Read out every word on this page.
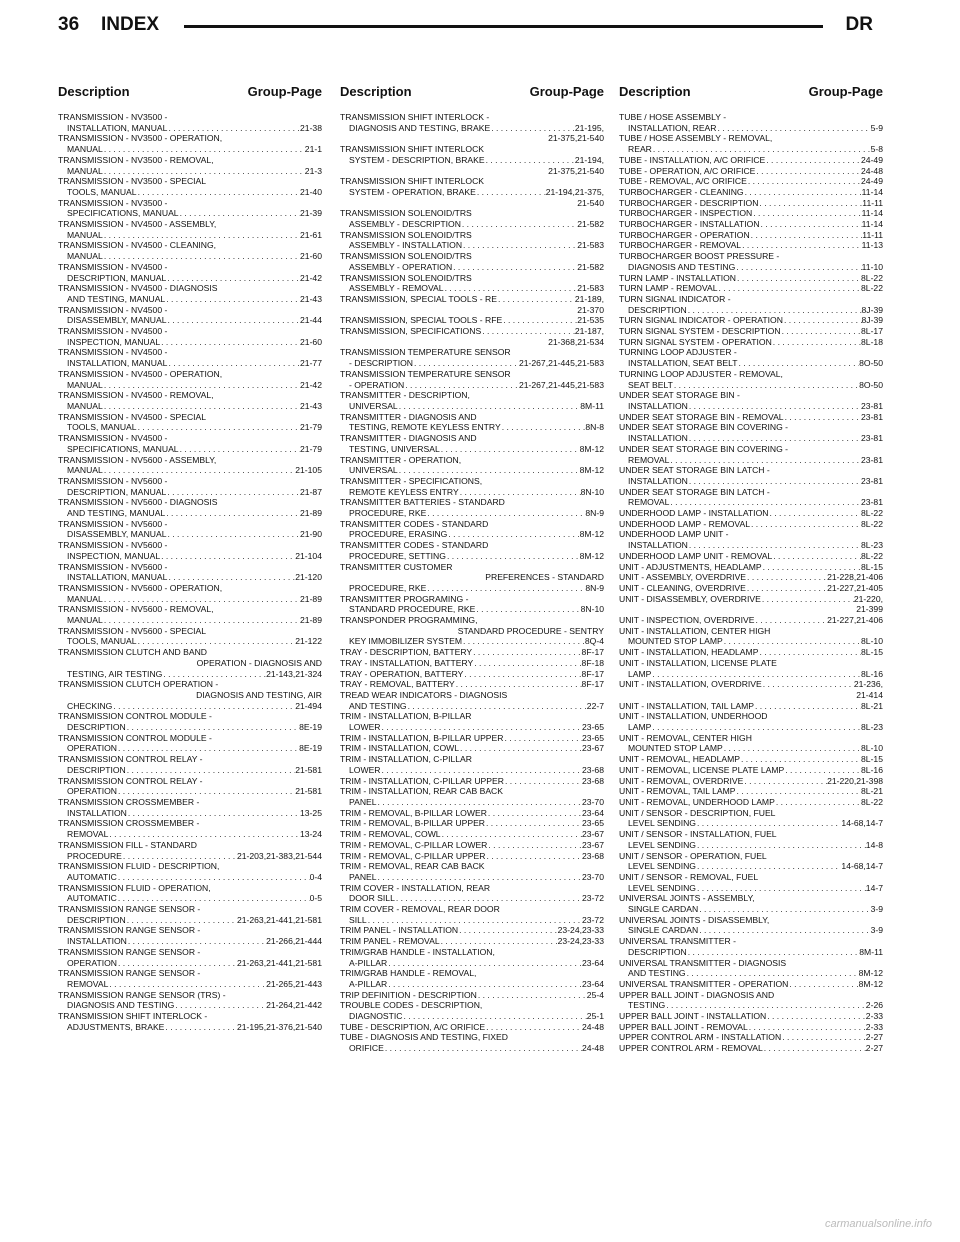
36 INDEX	DR
Description	Group-Page
TRANSMISSION - NV3500 -
INSTALLATION, MANUAL . . .	21-38
TRANSMISSION - NV3500 - OPERATION,
MANUAL . . .	21-1
TRANSMISSION - NV3500 - REMOVAL,
MANUAL . . .	21-3
TRANSMISSION - NV3500 - SPECIAL
TOOLS, MANUAL . . .	21-40
TRANSMISSION - NV3500 -
SPECIFICATIONS, MANUAL . . .	21-39
TRANSMISSION - NV4500 - ASSEMBLY,
MANUAL . . .	21-61
TRANSMISSION - NV4500 - CLEANING,
MANUAL . . .	21-60
TRANSMISSION - NV4500 -
DESCRIPTION, MANUAL . . .	21-42
TRANSMISSION - NV4500 - DIAGNOSIS
AND TESTING, MANUAL . . .	21-43
TRANSMISSION - NV4500 -
DISASSEMBLY, MANUAL . . .	21-44
TRANSMISSION - NV4500 -
INSPECTION, MANUAL . . .	21-60
TRANSMISSION - NV4500 -
INSTALLATION, MANUAL . . .	21-77
TRANSMISSION - NV4500 - OPERATION,
MANUAL . . .	21-42
TRANSMISSION - NV4500 - REMOVAL,
MANUAL . . .	21-43
TRANSMISSION - NV4500 - SPECIAL
TOOLS, MANUAL . . .	21-79
TRANSMISSION - NV4500 -
SPECIFICATIONS, MANUAL . . .	21-79
TRANSMISSION - NV5600 - ASSEMBLY,
MANUAL . . .	21-105
TRANSMISSION - NV5600 -
DESCRIPTION, MANUAL . . .	21-87
TRANSMISSION - NV5600 - DIAGNOSIS
AND TESTING, MANUAL . . .	21-89
TRANSMISSION - NV5600 -
DISASSEMBLY, MANUAL . . .	21-90
TRANSMISSION - NV5600 -
INSPECTION, MANUAL . . .	21-104
TRANSMISSION - NV5600 -
INSTALLATION, MANUAL . . .	21-120
TRANSMISSION - NV5600 - OPERATION,
MANUAL . . .	21-89
TRANSMISSION - NV5600 - REMOVAL,
MANUAL . . .	21-89
TRANSMISSION - NV5600 - SPECIAL
TOOLS, MANUAL . . .	21-122
TRANSMISSION CLUTCH AND BAND
OPERATION - DIAGNOSIS AND
TESTING, AIR TESTING . . .	21-143,21-324
TRANSMISSION CLUTCH OPERATION -
DIAGNOSIS AND TESTING, AIR
CHECKING . . .	21-494
TRANSMISSION CONTROL MODULE -
DESCRIPTION . . .	8E-19
TRANSMISSION CONTROL MODULE -
OPERATION . . .	8E-19
TRANSMISSION CONTROL RELAY -
DESCRIPTION . . .	21-581
TRANSMISSION CONTROL RELAY -
OPERATION . . .	21-581
TRANSMISSION CROSSMEMBER -
INSTALLATION . . .	13-25
TRANSMISSION CROSSMEMBER -
REMOVAL . . .	13-24
TRANSMISSION FILL - STANDARD
PROCEDURE . . .	21-203,21-383,21-544
TRANSMISSION FLUID - DESCRIPTION,
AUTOMATIC . . .	0-4
TRANSMISSION FLUID - OPERATION,
AUTOMATIC . . .	0-5
TRANSMISSION RANGE SENSOR -
DESCRIPTION . . .	21-263,21-441,21-581
TRANSMISSION RANGE SENSOR -
INSTALLATION . . .	21-266,21-444
TRANSMISSION RANGE SENSOR -
OPERATION . . .	21-263,21-441,21-581
TRANSMISSION RANGE SENSOR -
REMOVAL . . .	21-265,21-443
TRANSMISSION RANGE SENSOR (TRS) -
DIAGNOSIS AND TESTING . . .	21-264,21-442
TRANSMISSION SHIFT INTERLOCK -
ADJUSTMENTS, BRAKE . . .	21-195,21-376,21-540
Description	Group-Page
TRANSMISSION SHIFT INTERLOCK -
DIAGNOSIS AND TESTING, BRAKE . . .	21-195,
21-375,21-540
TRANSMISSION SHIFT INTERLOCK
SYSTEM - DESCRIPTION, BRAKE . . .	21-194,
21-375,21-540
TRANSMISSION SHIFT INTERLOCK
SYSTEM - OPERATION, BRAKE . . .	21-194,21-375,
21-540
TRANSMISSION SOLENOID/TRS
ASSEMBLY - DESCRIPTION . . .	21-582
TRANSMISSION SOLENOID/TRS
ASSEMBLY - INSTALLATION . . .	21-583
TRANSMISSION SOLENOID/TRS
ASSEMBLY - OPERATION . . .	21-582
TRANSMISSION SOLENOID/TRS
ASSEMBLY - REMOVAL . . .	21-583
TRANSMISSION, SPECIAL TOOLS - RE . . .	21-189,
21-370
TRANSMISSION, SPECIAL TOOLS - RFE . . .	21-535
TRANSMISSION, SPECIFICATIONS . . .	21-187,
21-368,21-534
TRANSMISSION TEMPERATURE SENSOR
- DESCRIPTION . . .	21-267,21-445,21-583
TRANSMISSION TEMPERATURE SENSOR
- OPERATION . . .	21-267,21-445,21-583
TRANSMITTER - DESCRIPTION,
UNIVERSAL . . .	8M-11
TRANSMITTER - DIAGNOSIS AND
TESTING, REMOTE KEYLESS ENTRY . . .	8N-8
TRANSMITTER - DIAGNOSIS AND
TESTING, UNIVERSAL . . .	8M-12
TRANSMITTER - OPERATION,
UNIVERSAL . . .	8M-12
TRANSMITTER - SPECIFICATIONS,
REMOTE KEYLESS ENTRY . . .	8N-10
TRANSMITTER BATTERIES - STANDARD
PROCEDURE, RKE . . .	8N-9
TRANSMITTER CODES - STANDARD
PROCEDURE, ERASING . . .	8M-12
TRANSMITTER CODES - STANDARD
PROCEDURE, SETTING . . .	8M-12
TRANSMITTER CUSTOMER
PREFERENCES - STANDARD
PROCEDURE, RKE . . .	8N-9
TRANSMITTER PROGRAMING -
STANDARD PROCEDURE, RKE . . .	8N-10
TRANSPONDER PROGRAMMING,
STANDARD PROCEDURE - SENTRY
KEY IMMOBILIZER SYSTEM . . .	8Q-4
TRAY - DESCRIPTION, BATTERY . . .	8F-17
TRAY - INSTALLATION, BATTERY . . .	8F-18
TRAY - OPERATION, BATTERY . . .	8F-17
TRAY - REMOVAL, BATTERY . . .	8F-17
TREAD WEAR INDICATORS - DIAGNOSIS
AND TESTING . . .	22-7
TRIM - INSTALLATION, B-PILLAR
LOWER . . .	23-65
TRIM - INSTALLATION, B-PILLAR UPPER . . .	23-65
TRIM - INSTALLATION, COWL . . .	23-67
TRIM - INSTALLATION, C-PILLAR
LOWER . . .	23-68
TRIM - INSTALLATION, C-PILLAR UPPER . . .	23-68
TRIM - INSTALLATION, REAR CAB BACK
PANEL . . .	23-70
TRIM - REMOVAL, B-PILLAR LOWER . . .	23-64
TRIM - REMOVAL, B-PILLAR UPPER . . .	23-65
TRIM - REMOVAL, COWL . . .	23-67
TRIM - REMOVAL, C-PILLAR LOWER . . .	23-67
TRIM - REMOVAL, C-PILLAR UPPER . . .	23-68
TRIM - REMOVAL, REAR CAB BACK
PANEL . . .	23-70
TRIM COVER - INSTALLATION, REAR
DOOR SILL . . .	23-72
TRIM COVER - REMOVAL, REAR DOOR
SILL . . .	23-72
TRIM PANEL - INSTALLATION . . .	23-24,23-33
TRIM PANEL - REMOVAL . . .	23-24,23-33
TRIM/GRAB HANDLE - INSTALLATION,
A-PILLAR . . .	23-64
TRIM/GRAB HANDLE - REMOVAL,
A-PILLAR . . .	23-64
TRIP DEFINITION - DESCRIPTION . . .	25-4
TROUBLE CODES - DESCRIPTION,
DIAGNOSTIC . . .	25-1
TUBE - DESCRIPTION, A/C ORIFICE . . .	24-48
TUBE - DIAGNOSIS AND TESTING, FIXED
ORIFICE . . .	24-48
Description	Group-Page
TUBE / HOSE ASSEMBLY -
INSTALLATION, REAR . . .	5-9
TUBE / HOSE ASSEMBLY - REMOVAL,
REAR . . .	5-8
TUBE - INSTALLATION, A/C ORIFICE . . .	24-49
TUBE - OPERATION, A/C ORIFICE . . .	24-48
TUBE - REMOVAL, A/C ORIFICE . . .	24-49
TURBOCHARGER - CLEANING . . .	11-14
TURBOCHARGER - DESCRIPTION . . .	11-11
TURBOCHARGER - INSPECTION . . .	11-14
TURBOCHARGER - INSTALLATION . . .	11-14
TURBOCHARGER - OPERATION . . .	11-11
TURBOCHARGER - REMOVAL . . .	11-13
TURBOCHARGER BOOST PRESSURE -
DIAGNOSIS AND TESTING . . .	11-10
TURN LAMP - INSTALLATION . . .	8L-22
TURN LAMP - REMOVAL . . .	8L-22
TURN SIGNAL INDICATOR -
DESCRIPTION . . .	8J-39
TURN SIGNAL INDICATOR - OPERATION . . .	8J-39
TURN SIGNAL SYSTEM - DESCRIPTION . . .	8L-17
TURN SIGNAL SYSTEM - OPERATION . . .	8L-18
TURNING LOOP ADJUSTER -
INSTALLATION, SEAT BELT . . .	8O-50
TURNING LOOP ADJUSTER - REMOVAL,
SEAT BELT . . .	8O-50
UNDER SEAT STORAGE BIN -
INSTALLATION . . .	23-81
UNDER SEAT STORAGE BIN - REMOVAL . . .	23-81
UNDER SEAT STORAGE BIN COVERING -
INSTALLATION . . .	23-81
UNDER SEAT STORAGE BIN COVERING -
REMOVAL . . .	23-81
UNDER SEAT STORAGE BIN LATCH -
INSTALLATION . . .	23-81
UNDER SEAT STORAGE BIN LATCH -
REMOVAL . . .	23-81
UNDERHOOD LAMP - INSTALLATION . . .	8L-22
UNDERHOOD LAMP - REMOVAL . . .	8L-22
UNDERHOOD LAMP UNIT -
INSTALLATION . . .	8L-23
UNDERHOOD LAMP UNIT - REMOVAL . . .	8L-22
UNIT - ADJUSTMENTS, HEADLAMP . . .	8L-15
UNIT - ASSEMBLY, OVERDRIVE . . .	21-228,21-406
UNIT - CLEANING, OVERDRIVE . . .	21-227,21-405
UNIT - DISASSEMBLY, OVERDRIVE . . .	21-220,
21-399
UNIT - INSPECTION, OVERDRIVE . . .	21-227,21-406
UNIT - INSTALLATION, CENTER HIGH
MOUNTED STOP LAMP . . .	8L-10
UNIT - INSTALLATION, HEADLAMP . . .	8L-15
UNIT - INSTALLATION, LICENSE PLATE
LAMP . . .	8L-16
UNIT - INSTALLATION, OVERDRIVE . . .	21-236,
21-414
UNIT - INSTALLATION, TAIL LAMP . . .	8L-21
UNIT - INSTALLATION, UNDERHOOD
LAMP . . .	8L-23
UNIT - REMOVAL, CENTER HIGH
MOUNTED STOP LAMP . . .	8L-10
UNIT - REMOVAL, HEADLAMP . . .	8L-15
UNIT - REMOVAL, LICENSE PLATE LAMP . . .	8L-16
UNIT - REMOVAL, OVERDRIVE . . .	21-220,21-398
UNIT - REMOVAL, TAIL LAMP . . .	8L-21
UNIT - REMOVAL, UNDERHOOD LAMP . . .	8L-22
UNIT / SENSOR - DESCRIPTION, FUEL
LEVEL SENDING . . .	14-68,14-7
UNIT / SENSOR - INSTALLATION, FUEL
LEVEL SENDING . . .	14-8
UNIT / SENSOR - OPERATION, FUEL
LEVEL SENDING . . .	14-68,14-7
UNIT / SENSOR - REMOVAL, FUEL
LEVEL SENDING . . .	14-7
UNIVERSAL JOINTS - ASSEMBLY,
SINGLE CARDAN . . .	3-9
UNIVERSAL JOINTS - DISASSEMBLY,
SINGLE CARDAN . . .	3-9
UNIVERSAL TRANSMITTER -
DESCRIPTION . . .	8M-11
UNIVERSAL TRANSMITTER - DIAGNOSIS
AND TESTING . . .	8M-12
UNIVERSAL TRANSMITTER - OPERATION . . .	8M-12
UPPER BALL JOINT - DIAGNOSIS AND
TESTING . . .	2-26
UPPER BALL JOINT - INSTALLATION . . .	2-33
UPPER BALL JOINT - REMOVAL . . .	2-33
UPPER CONTROL ARM - INSTALLATION . . .	2-27
UPPER CONTROL ARM - REMOVAL . . .	2-27
carmanualsonline.info
